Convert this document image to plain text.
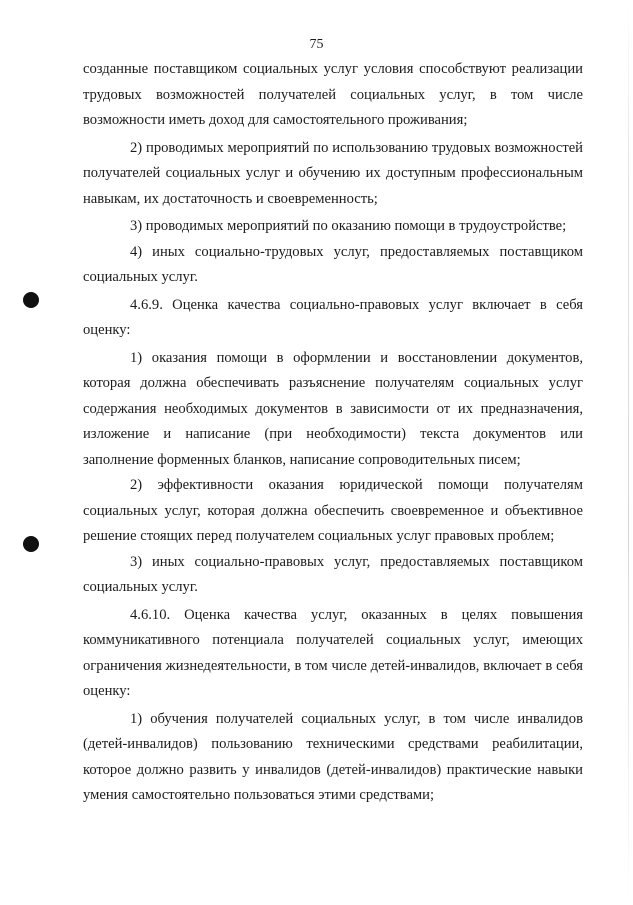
75

созданные поставщиком социальных услуг условия способствуют реализации трудовых возможностей получателей социальных услуг, в том числе возможности иметь доход для самостоятельного проживания;

2) проводимых мероприятий по использованию трудовых возможностей получателей социальных услуг и обучению их доступным профессиональным навыкам, их достаточность и своевременность;

3) проводимых мероприятий по оказанию помощи в трудоустройстве;

4) иных социально-трудовых услуг, предоставляемых поставщиком социальных услуг.

4.6.9. Оценка качества социально-правовых услуг включает в себя оценку:

1) оказания помощи в оформлении и восстановлении документов, которая должна обеспечивать разъяснение получателям социальных услуг содержания необходимых документов в зависимости от их предназначения, изложение и написание (при необходимости) текста документов или заполнение форменных бланков, написание сопроводительных писем;

2) эффективности оказания юридической помощи получателям социальных услуг, которая должна обеспечить своевременное и объективное решение стоящих перед получателем социальных услуг правовых проблем;

3) иных социально-правовых услуг, предоставляемых поставщиком социальных услуг.

4.6.10. Оценка качества услуг, оказанных в целях повышения коммуникативного потенциала получателей социальных услуг, имеющих ограничения жизнедеятельности, в том числе детей-инвалидов, включает в себя оценку:

1) обучения получателей социальных услуг, в том числе инвалидов (детей-инвалидов) пользованию техническими средствами реабилитации, которое должно развить у инвалидов (детей-инвалидов) практические навыки умения самостоятельно пользоваться этими средствами;
